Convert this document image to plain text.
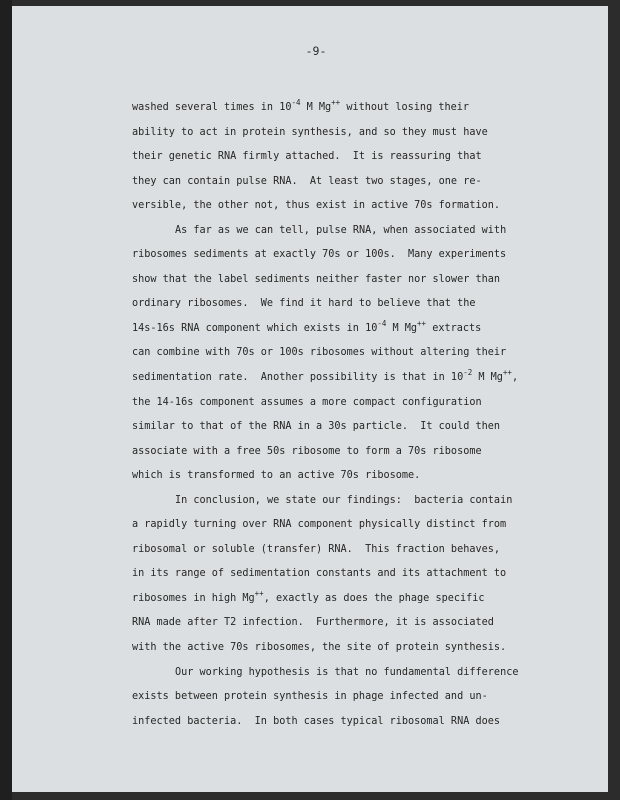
-9-
washed several times in $10^{-4}$ M Mg++ without losing their
ability to act in protein synthesis, and so they must have
their genetic RNA firmly attached.  It is reassuring that
they can contain pulse RNA.  At least two stages, one re-
versible, the other not, thus exist in active 70s formation.
As far as we can tell, pulse RNA, when associated with
ribosomes sediments at exactly 70s or 100s.  Many experiments
show that the label sediments neither faster nor slower than
ordinary ribosomes.  We find it hard to believe that the
14s-16s RNA component which exists in $10^{-4}$ M Mg++ extracts
can combine with 70s or 100s ribosomes without altering their
sedimentation rate.  Another possibility is that in $10^{-2}$ M Mg++,
the 14-16s component assumes a more compact configuration
similar to that of the RNA in a 30s particle.  It could then
associate with a free 50s ribosome to form a 70s ribosome
which is transformed to an active 70s ribosome.
In conclusion, we state our findings:  bacteria contain
a rapidly turning over RNA component physically distinct from
ribosomal or soluble (transfer) RNA.  This fraction behaves,
in its range of sedimentation constants and its attachment to
ribosomes in high Mg++, exactly as does the phage specific
RNA made after T2 infection.  Furthermore, it is associated
with the active 70s ribosomes, the site of protein synthesis.
Our working hypothesis is that no fundamental difference
exists between protein synthesis in phage infected and un-
infected bacteria.  In both cases typical ribosomal RNA does
